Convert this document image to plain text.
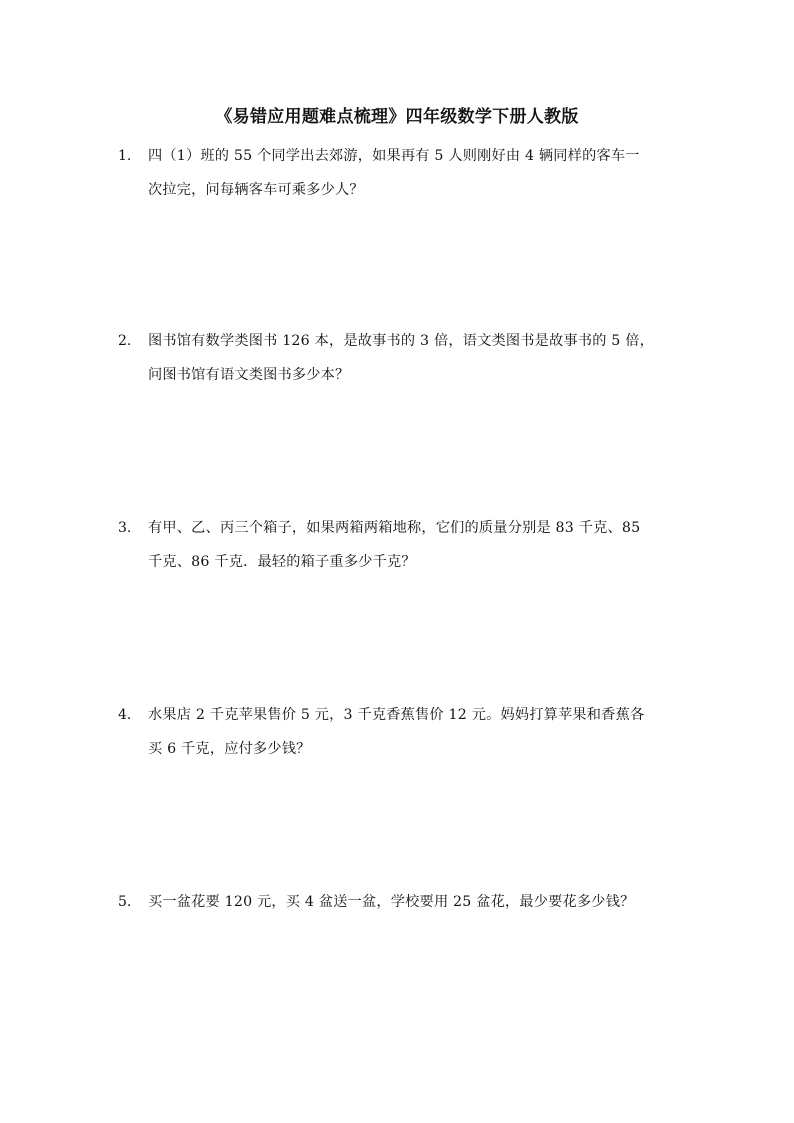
《易错应用题难点梳理》四年级数学下册人教版
1.	四（1）班的 55 个同学出去郊游，如果再有 5 人则刚好由 4 辆同样的客车一
次拉完，问每辆客车可乘多少人？
2.	图书馆有数学类图书 126 本，是故事书的 3 倍，语文类图书是故事书的 5 倍，
问图书馆有语文类图书多少本？
3.	有甲、乙、丙三个箱子，如果两箱两箱地称，它们的质量分别是 83 千克、85
千克、86 千克．最轻的箱子重多少千克？
4.	水果店 2 千克苹果售价 5 元，3 千克香蕉售价 12 元。妈妈打算苹果和香蕉各
买 6 千克，应付多少钱？
5.	买一盆花要 120 元，买 4 盆送一盆，学校要用 25 盆花，最少要花多少钱？
